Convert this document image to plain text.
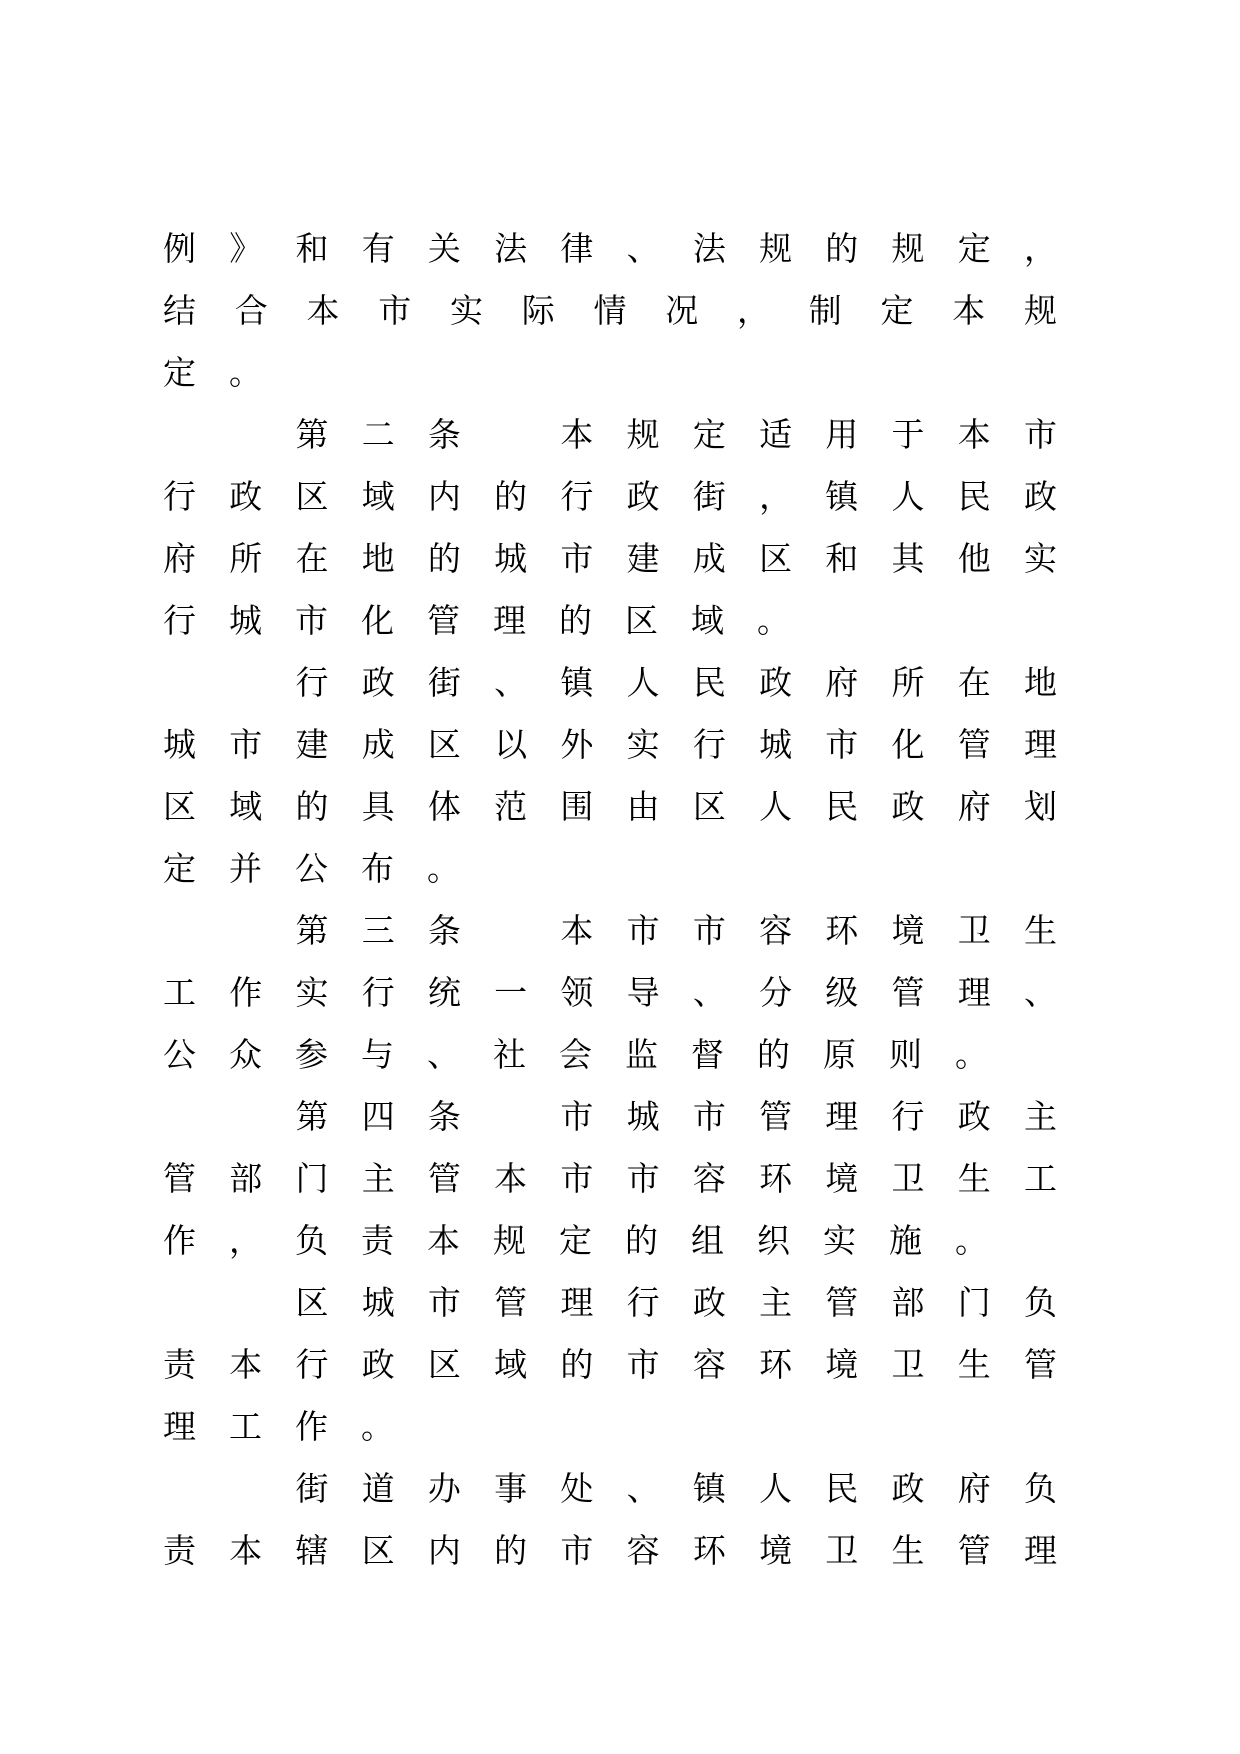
例》和有关法律、法规的规定，
结合本市实际情况，制定本规
定。
　　第二条　本规定适用于本市
行政区域内的行政街，镇人民政
府所在地的城市建成区和其他实
行城市化管理的区域。
　　行政街、镇人民政府所在地
城市建成区以外实行城市化管理
区域的具体范围由区人民政府划
定并公布。
　　第三条　本市市容环境卫生
工作实行统一领导、分级管理、
公众参与、社会监督的原则。
　　第四条　市城市管理行政主
管部门主管本市市容环境卫生工
作，负责本规定的组织实施。
　　区城市管理行政主管部门负
责本行政区域的市容环境卫生管
理工作。
　　街道办事处、镇人民政府负
责本辖区内的市容环境卫生管理
